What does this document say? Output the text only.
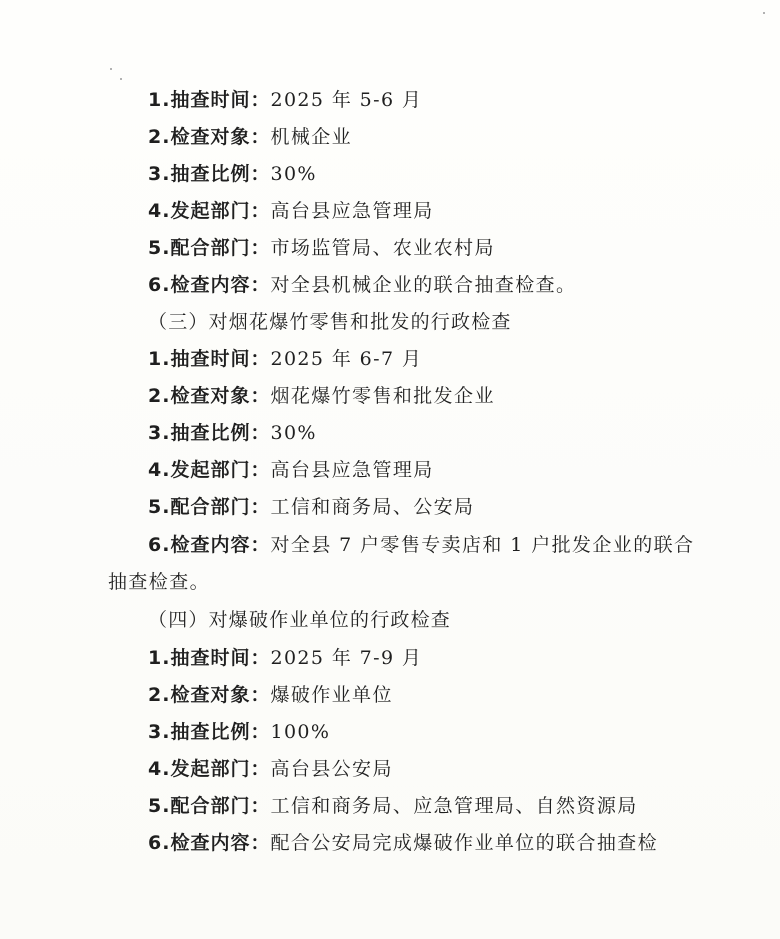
1.抽查时间：2025 年 5-6 月
2.检查对象：机械企业
3.抽查比例：30%
4.发起部门：高台县应急管理局
5.配合部门：市场监管局、农业农村局
6.检查内容：对全县机械企业的联合抽查检查。
（三）对烟花爆竹零售和批发的行政检查
1.抽查时间：2025 年 6-7 月
2.检查对象：烟花爆竹零售和批发企业
3.抽查比例：30%
4.发起部门：高台县应急管理局
5.配合部门：工信和商务局、公安局
6.检查内容：对全县 7 户零售专卖店和 1 户批发企业的联合
抽查检查。
（四）对爆破作业单位的行政检查
1.抽查时间：2025 年 7-9 月
2.检查对象：爆破作业单位
3.抽查比例：100%
4.发起部门：高台县公安局
5.配合部门：工信和商务局、应急管理局、自然资源局
6.检查内容：配合公安局完成爆破作业单位的联合抽查检
